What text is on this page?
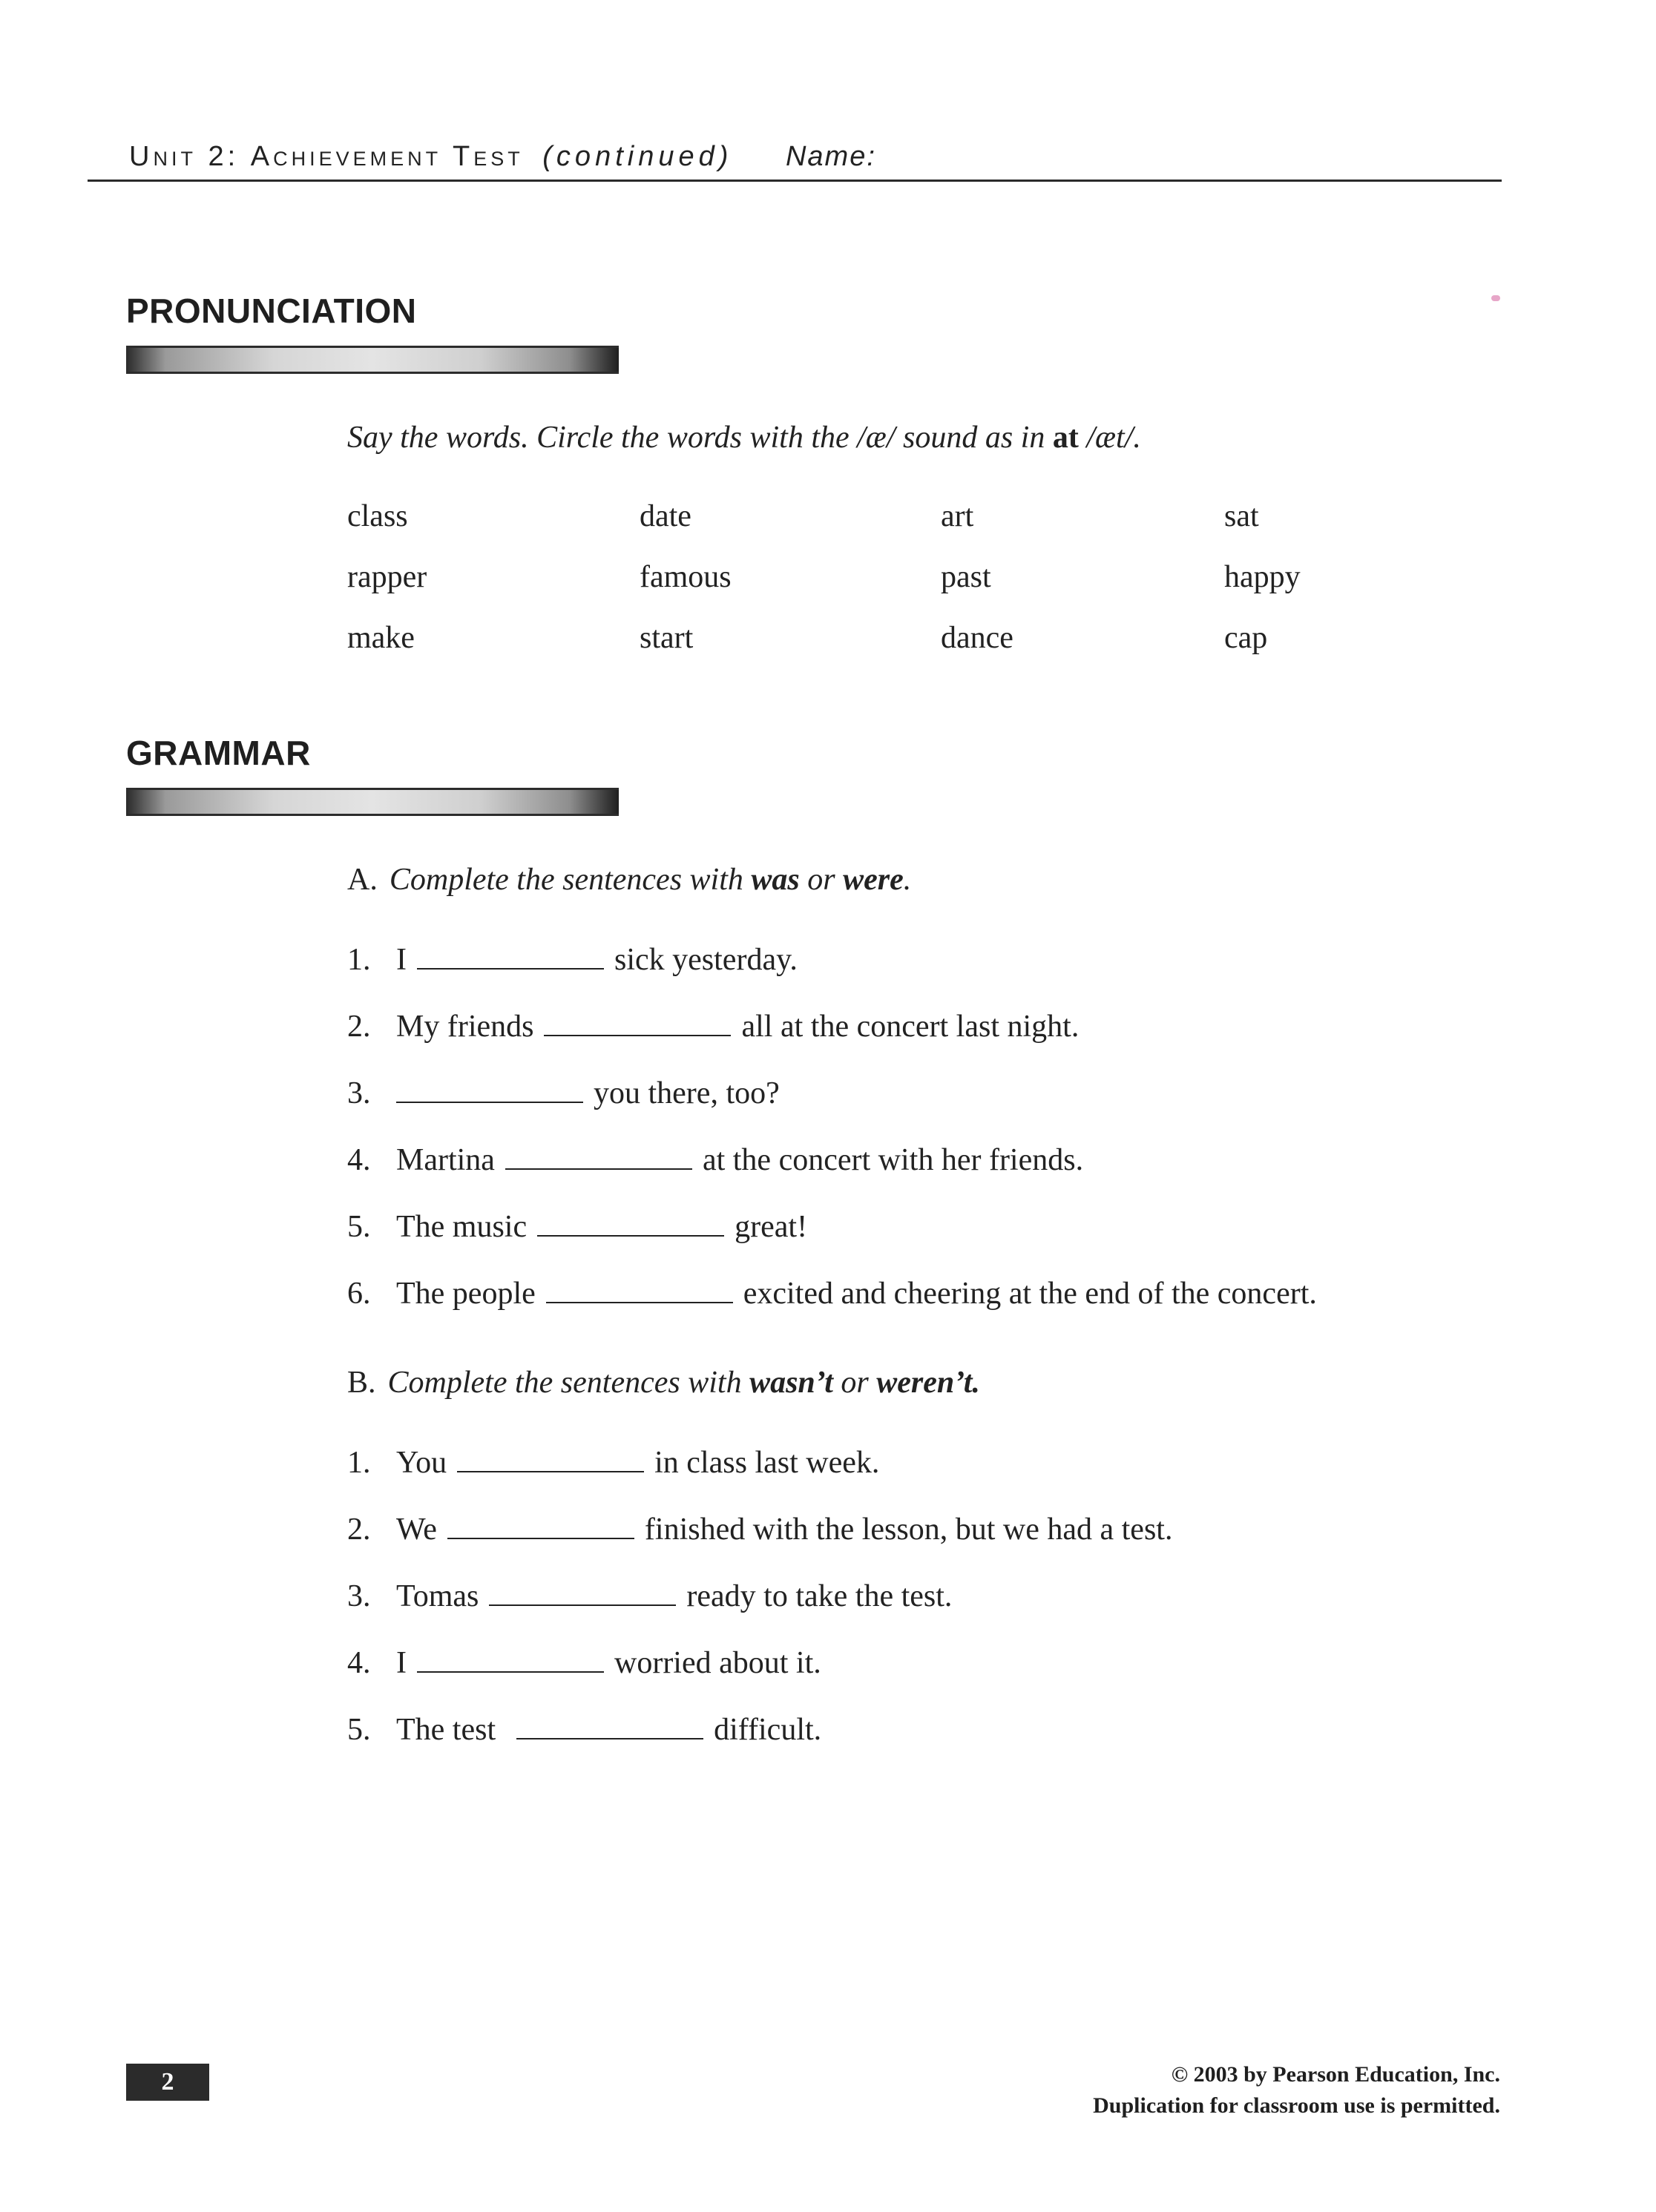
Unit 2: Achievement Test (continued) Name:
PRONUNCIATION
Say the words. Circle the words with the /æ/ sound as in at /æt/.
class	date	art	sat
rapper	famous	past	happy
make	start	dance	cap
GRAMMAR
A. Complete the sentences with was or were.
1. I	sick yesterday.
2. My friends	all at the concert last night.
3.	you there, too?
4. Martina	at the concert with her friends.
5. The music	great!
6. The people	excited and cheering at the end of the concert.
B. Complete the sentences with wasn’t or weren’t.
1. You	in class last week.
2. We	finished with the lesson, but we had a test.
3. Tomas	ready to take the test.
4. I	worried about it.
5. The test	difficult.
2	© 2003 by Pearson Education, Inc.
Duplication for classroom use is permitted.
